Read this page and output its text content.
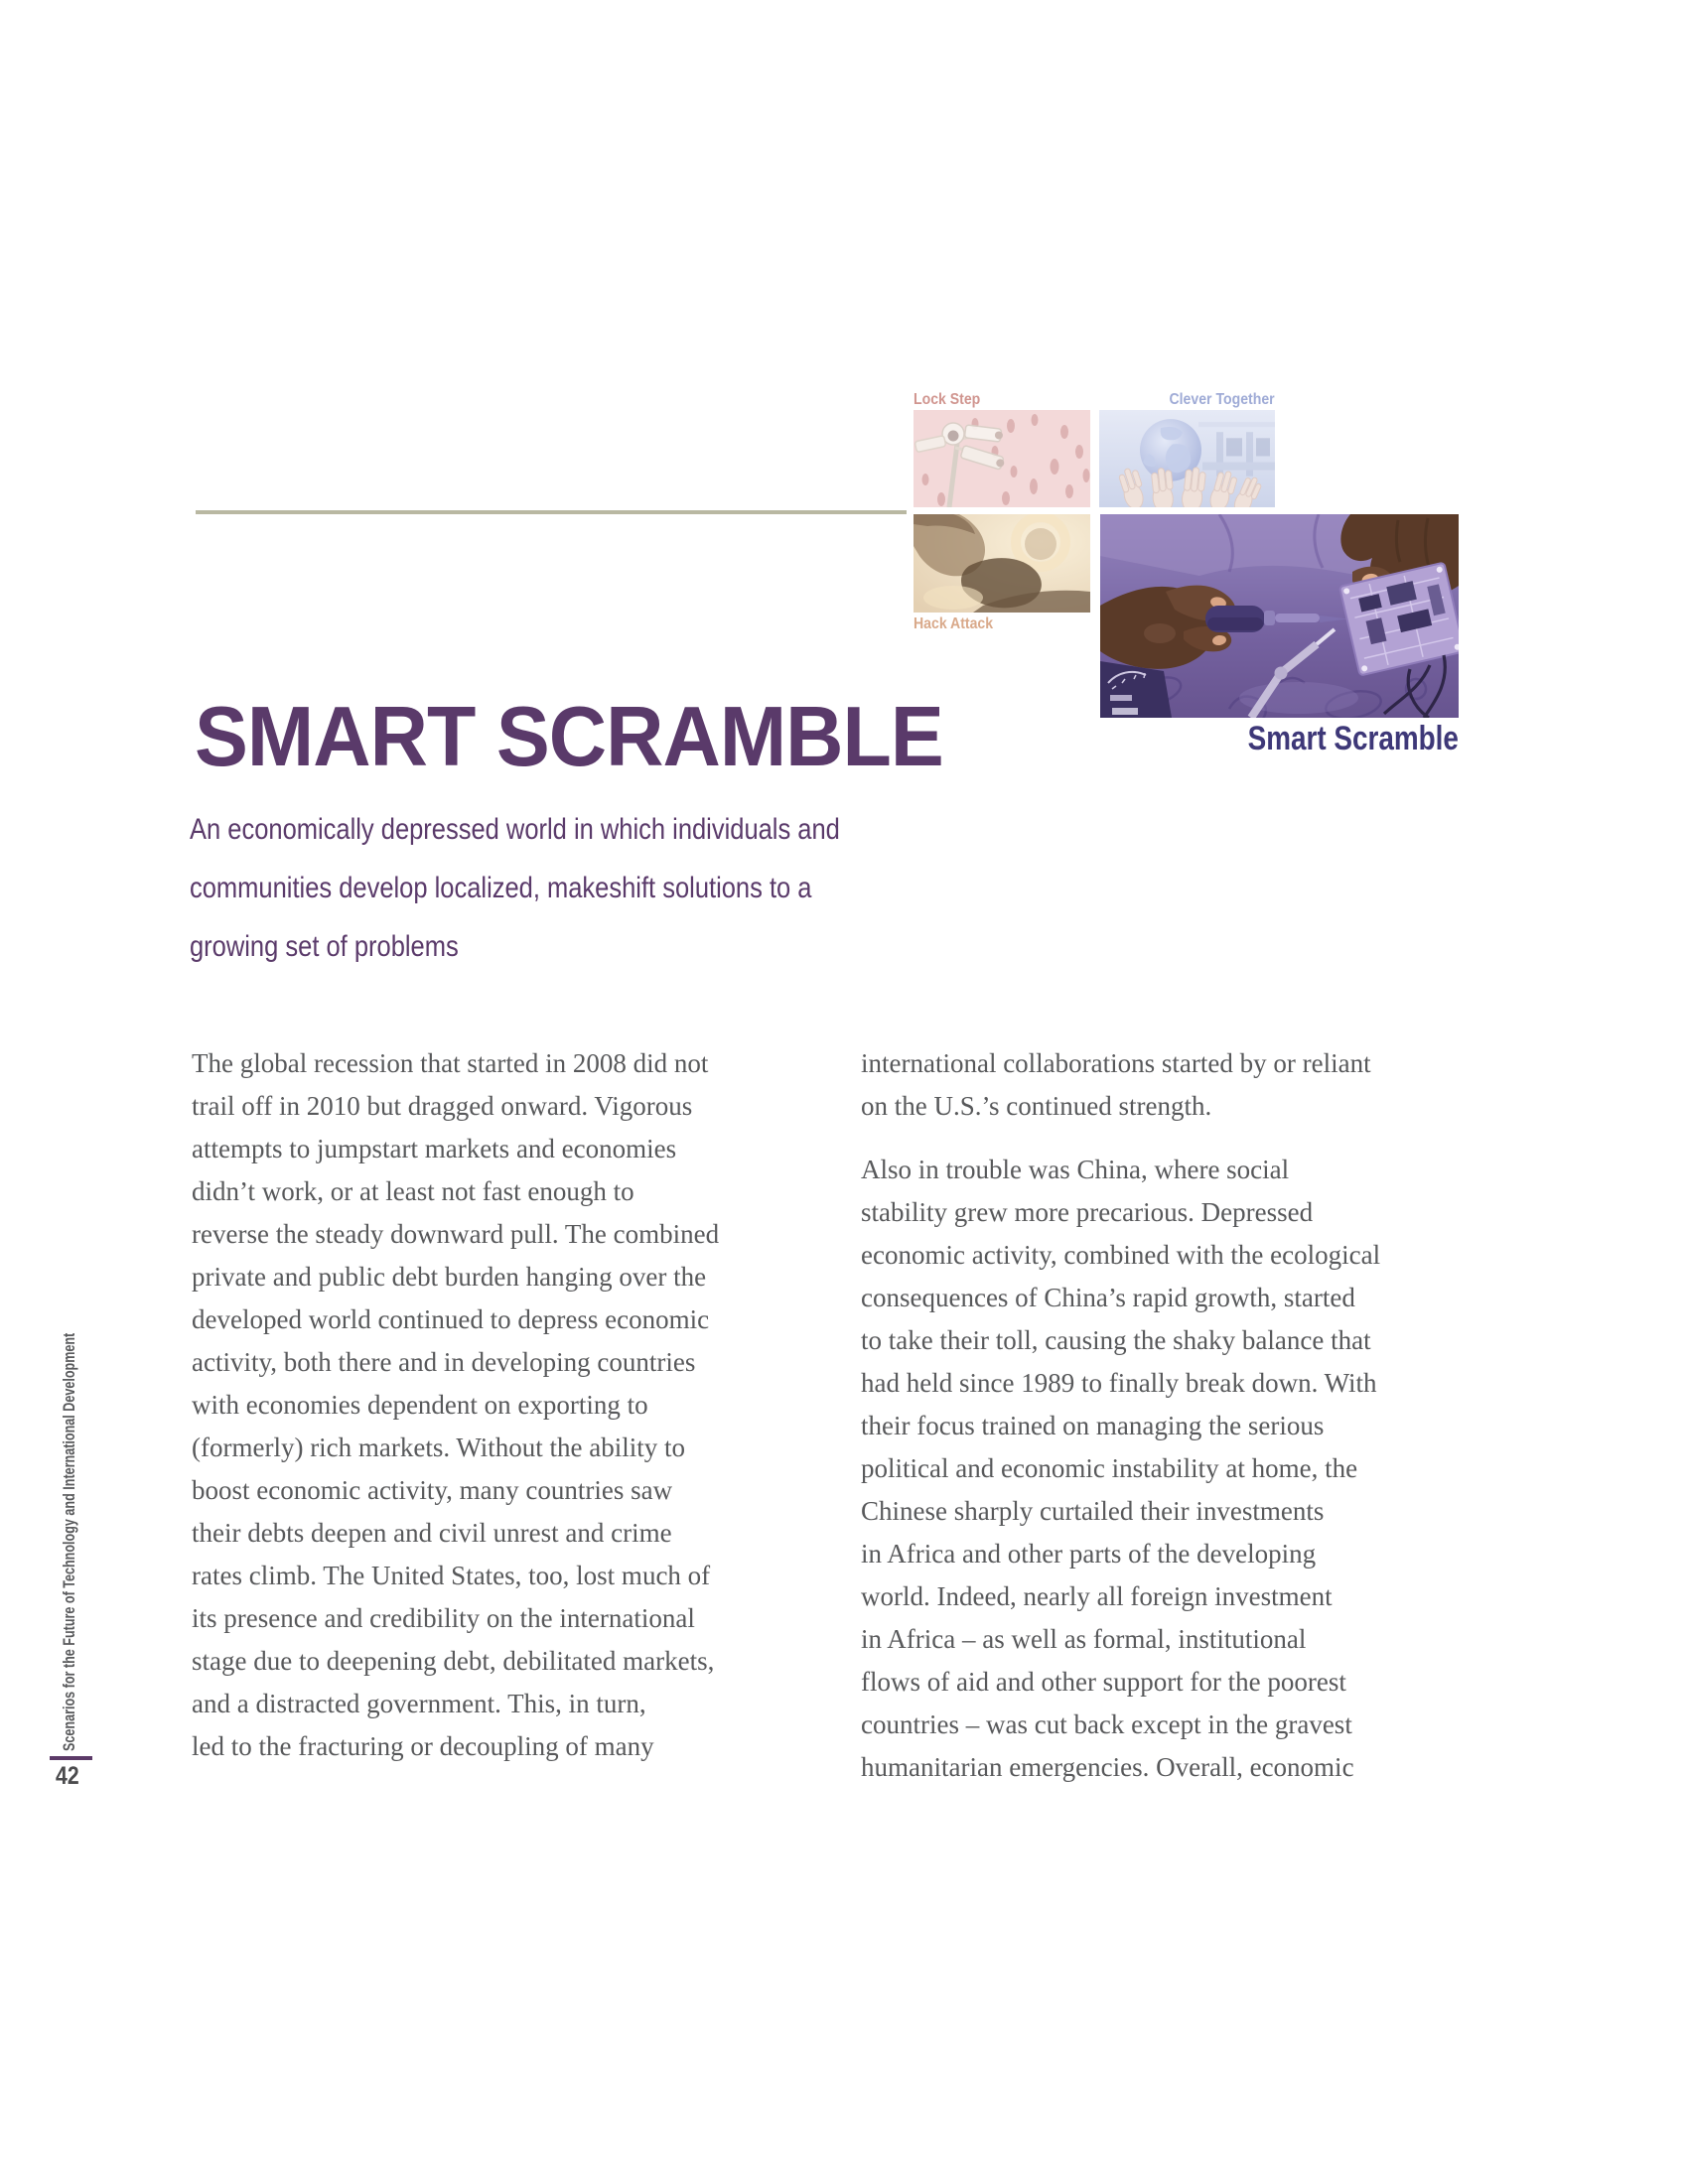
Lock Step	Clever Together
Hack Attack
Smart Scramble
SMART SCRAMBLE
An economically depressed world in which individuals and
communities develop localized, makeshift solutions to a
growing set of problems
The global recession that started in 2008 did not
trail off in 2010 but dragged onward. Vigorous
attempts to jumpstart markets and economies
didn’t work, or at least not fast enough to
reverse the steady downward pull. The combined
private and public debt burden hanging over the
developed world continued to depress economic
activity, both there and in developing countries
with economies dependent on exporting to
(formerly) rich markets. Without the ability to
boost economic activity, many countries saw
their debts deepen and civil unrest and crime
rates climb. The United States, too, lost much of
its presence and credibility on the international
stage due to deepening debt, debilitated markets,
and a distracted government. This, in turn,
led to the fracturing or decoupling of many
international collaborations started by or reliant
on the U.S.’s continued strength.
Also in trouble was China, where social
stability grew more precarious. Depressed
economic activity, combined with the ecological
consequences of China’s rapid growth, started
to take their toll, causing the shaky balance that
had held since 1989 to finally break down. With
their focus trained on managing the serious
political and economic instability at home, the
Chinese sharply curtailed their investments
in Africa and other parts of the developing
world. Indeed, nearly all foreign investment
in Africa – as well as formal, institutional
flows of aid and other support for the poorest
countries – was cut back except in the gravest
humanitarian emergencies. Overall, economic
Scenarios for the Future of Technology and International Development
42
